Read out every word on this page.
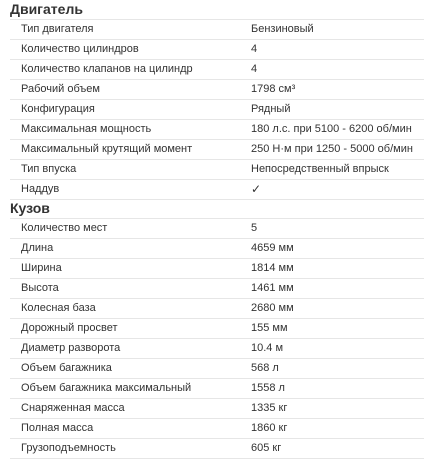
Двигатель
Тип двигателя	Бензиновый
Количество цилиндров	4
Количество клапанов на цилиндр	4
Рабочий объем	1798 см³
Конфигурация	Рядный
Максимальная мощность	180 л.с. при 5100 - 6200 об/мин
Максимальный крутящий момент	250 Н·м при 1250 - 5000 об/мин
Тип впуска	Непосредственный впрыск
Наддув	✓
Кузов
Количество мест	5
Длина	4659 мм
Ширина	1814 мм
Высота	1461 мм
Колесная база	2680 мм
Дорожный просвет	155 мм
Диаметр разворота	10.4 м
Объем багажника	568 л
Объем багажника максимальный	1558 л
Снаряженная масса	1335 кг
Полная масса	1860 кг
Грузоподъемность	605 кг
